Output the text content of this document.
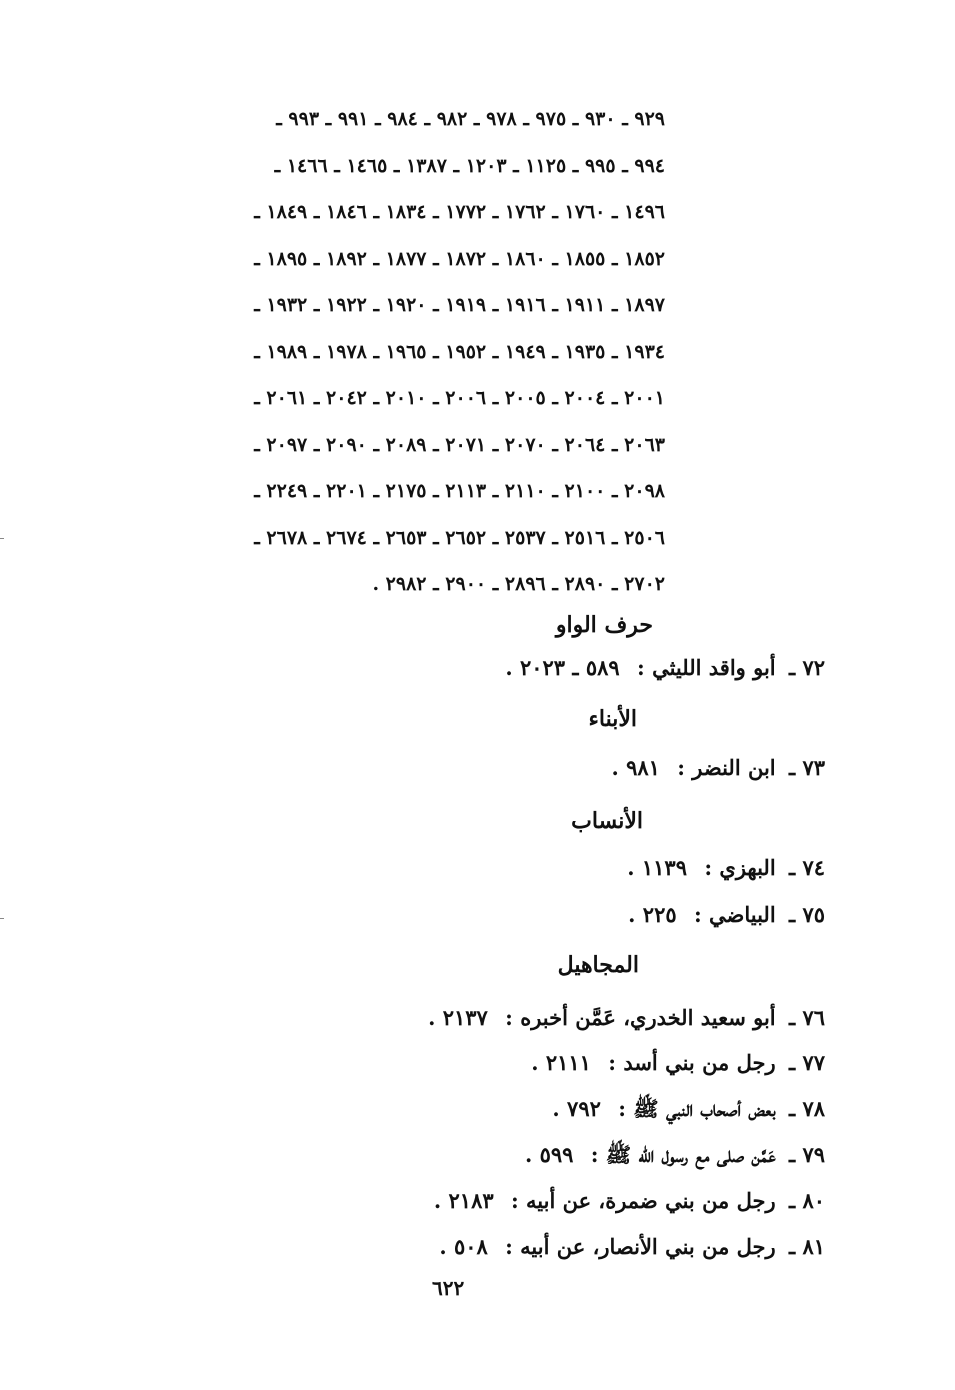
٩٢٩ ـ ٩٣٠ ـ ٩٧٥ ـ ٩٧٨ ـ ٩٨٢ ـ ٩٨٤ ـ ٩٩١ ـ ٩٩٣ ـ
٩٩٤ ـ ٩٩٥ ـ ١١٢٥ ـ ١٢٠٣ ـ ١٣٨٧ ـ ١٤٦٥ ـ ١٤٦٦ ـ
١٤٩٦ ـ ١٧٦٠ ـ ١٧٦٢ ـ ١٧٧٢ ـ ١٨٣٤ ـ ١٨٤٦ ـ ١٨٤٩ ـ
١٨٥٢ ـ ١٨٥٥ ـ ١٨٦٠ ـ ١٨٧٢ ـ ١٨٧٧ ـ ١٨٩٢ ـ ١٨٩٥ ـ
١٨٩٧ ـ ١٩١١ ـ ١٩١٦ ـ ١٩١٩ ـ ١٩٢٠ ـ ١٩٢٢ ـ ١٩٣٢ ـ
١٩٣٤ ـ ١٩٣٥ ـ ١٩٤٩ ـ ١٩٥٢ ـ ١٩٦٥ ـ ١٩٧٨ ـ ١٩٨٩ ـ
٢٠٠١ ـ ٢٠٠٤ ـ ٢٠٠٥ ـ ٢٠٠٦ ـ ٢٠١٠ ـ ٢٠٤٢ ـ ٢٠٦١ ـ
٢٠٦٣ ـ ٢٠٦٤ ـ ٢٠٧٠ ـ ٢٠٧١ ـ ٢٠٨٩ ـ ٢٠٩٠ ـ ٢٠٩٧ ـ
٢٠٩٨ ـ ٢١٠٠ ـ ٢١١٠ ـ ٢١١٣ ـ ٢١٧٥ ـ ٢٢٠١ ـ ٢٢٤٩ ـ
٢٥٠٦ ـ ٢٥١٦ ـ ٢٥٣٧ ـ ٢٦٥٢ ـ ٢٦٥٣ ـ ٢٦٧٤ ـ ٢٦٧٨ ـ
٢٧٠٢ ـ ٢٨٩٠ ـ ٢٨٩٦ ـ ٢٩٠٠ ـ ٢٩٨٢ .
حرف الواو
٧٢ ـ أبو واقد الليثي : ٥٨٩ ـ ٢٠٢٣ .
الأبناء
٧٣ ـ ابن النضر : ٩٨١ .
الأنساب
٧٤ ـ البهزي : ١١٣٩ .
٧٥ ـ البياضي : ٢٢٥ .
المجاهيل
٧٦ ـ أبو سعيد الخدري، عَمَّن أخبره : ٢١٣٧ .
٧٧ ـ رجل من بني أسد : ٢١١١ .
٧٨ ـ بعض أصحاب النبي ﷺ : ٧٩٢ .
٧٩ ـ عَمَّن صلى مع رسول الله ﷺ : ٥٩٩ .
٨٠ ـ رجل من بني ضمرة، عن أبيه : ٢١٨٣ .
٨١ ـ رجل من بني الأنصار، عن أبيه : ٥٠٨ .
٦٢٢
